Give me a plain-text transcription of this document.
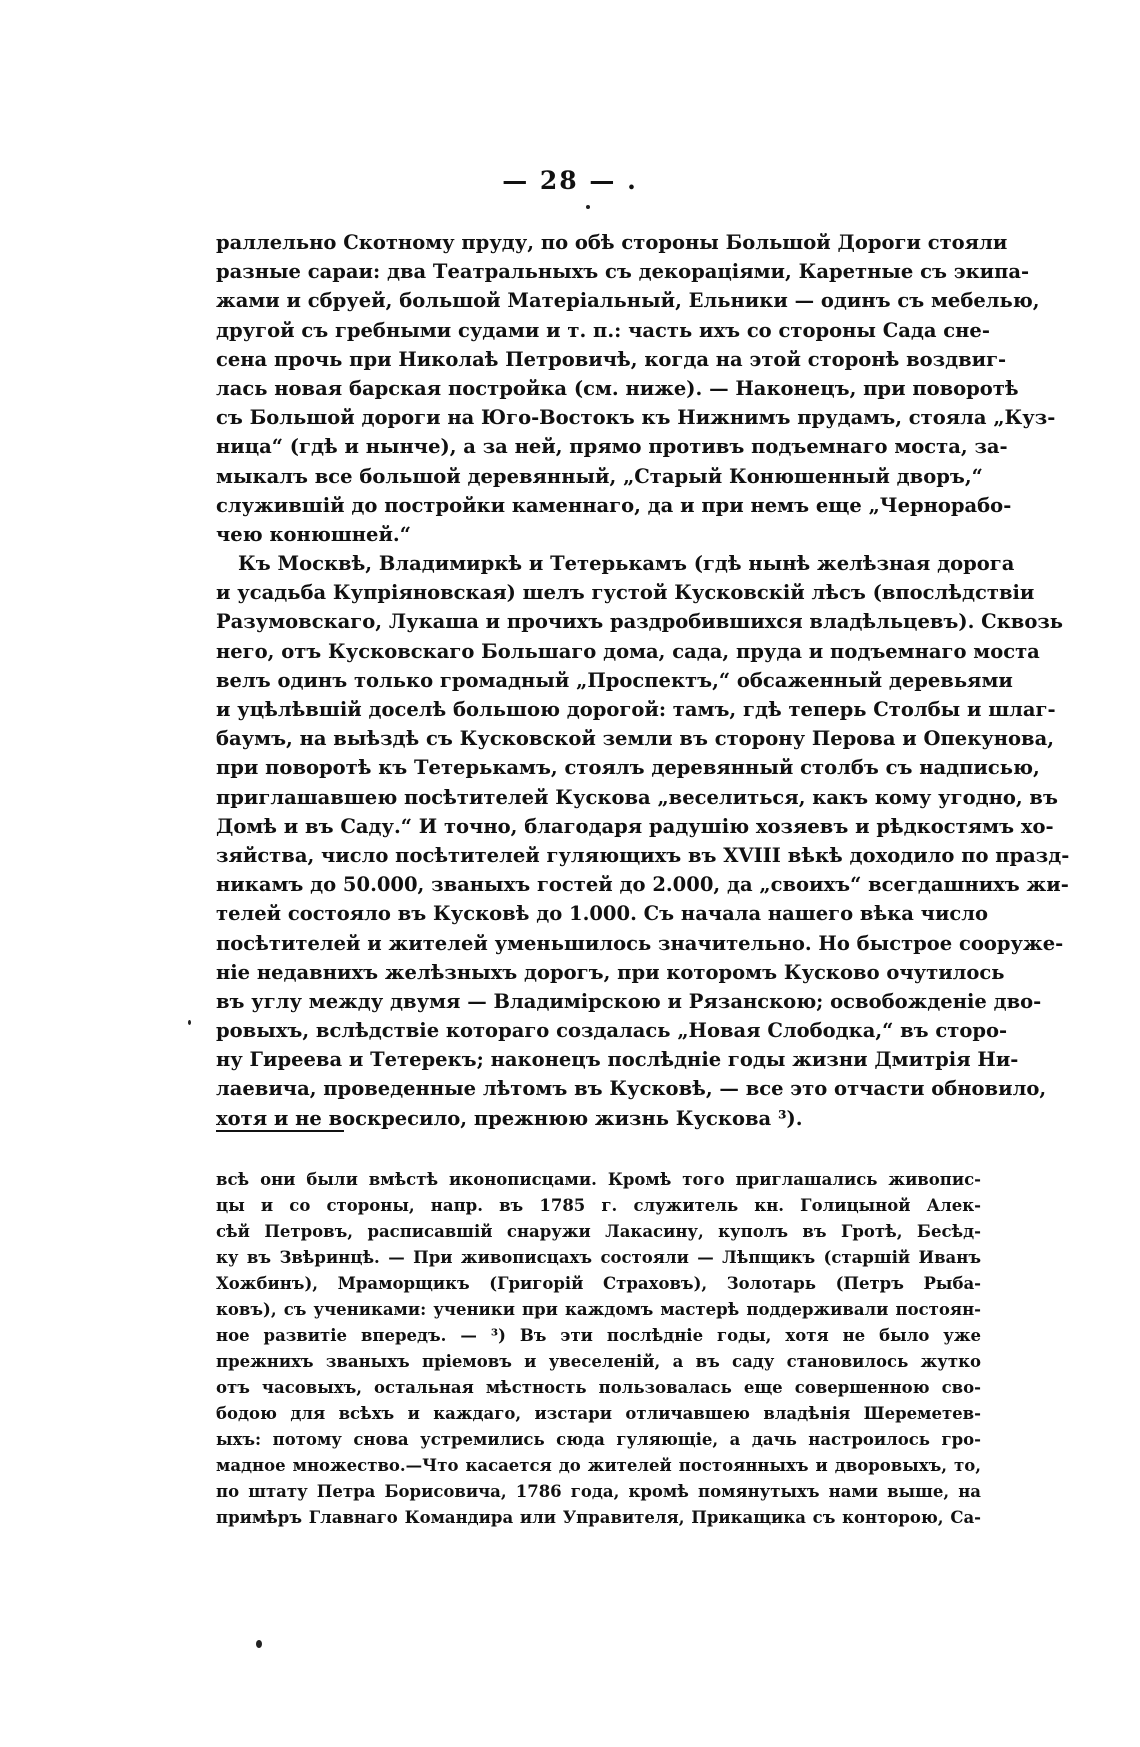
— 28 — .
раллельно Скотному пруду, по обѣ стороны Большой Дороги стояли
разные сараи: два Театральныхъ съ декораціями, Каретные съ экипа-
жами и сбруей, большой Матеріальный, Ельники — одинъ съ мебелью,
другой съ гребными судами и т. п.: часть ихъ со стороны Сада сне-
сена прочь при Николаѣ Петровичѣ, когда на этой сторонѣ воздвиг-
лась новая барская постройка (см. ниже). — Наконецъ, при поворотѣ
съ Большой дороги на Юго-Востокъ къ Нижнимъ прудамъ, стояла „Куз-
ница“ (гдѣ и нынче), а за ней, прямо противъ подъемнаго моста, за-
мыкалъ все большой деревянный, „Старый Конюшенный дворъ,“
служившій до постройки каменнаго, да и при немъ еще „Чернорабо-
чею конюшней.“
Къ Москвѣ, Владимиркѣ и Тетерькамъ (гдѣ нынѣ желѣзная дорога
и усадьба Купріяновская) шелъ густой Кусковскій лѣсъ (впослѣдствіи
Разумовскаго, Лукаша и прочихъ раздробившихся владѣльцевъ). Сквозь
него, отъ Кусковскаго Большаго дома, сада, пруда и подъемнаго моста
велъ одинъ только громадный „Проспектъ,“ обсаженный деревьями
и уцѣлѣвшій доселѣ большою дорогой: тамъ, гдѣ теперь Столбы и шлаг-
баумъ, на выѣздѣ съ Кусковской земли въ сторону Перова и Опекунова,
при поворотѣ къ Тетерькамъ, стоялъ деревянный столбъ съ надписью,
приглашавшею посѣтителей Кускова „веселиться, какъ кому угодно, въ
Домѣ и въ Саду.“ И точно, благодаря радушію хозяевъ и рѣдкостямъ хо-
зяйства, число посѣтителей гуляющихъ въ XVIII вѣкѣ доходило по празд-
никамъ до 50.000, званыхъ гостей до 2.000, да „своихъ“ всегдашнихъ жи-
телей состояло въ Кусковѣ до 1.000. Съ начала нашего вѣка число
посѣтителей и жителей уменьшилось значительно. Но быстрое сооруже-
ніе недавнихъ желѣзныхъ дорогъ, при которомъ Кусково очутилось
въ углу между двумя — Владимірскою и Рязанскою; освобожденіе дво-
ровыхъ, вслѣдствіе котораго создалась „Новая Слободка,“ въ сторо-
ну Гиреева и Тетерекъ; наконецъ послѣдніе годы жизни Дмитрія Ни-
лаевича, проведенные лѣтомъ въ Кусковѣ, — все это отчасти обновило,
хотя и не воскресило, прежнюю жизнь Кускова ³).
всѣ они были вмѣстѣ иконописцами. Кромѣ того приглашались живопис-
цы и со стороны, напр. въ 1785 г. служитель кн. Голицыной Алек-
сѣй Петровъ, расписавшій снаружи Лакасину, куполъ въ Гротѣ, Бесѣд-
ку въ Звѣринцѣ. — При живописцахъ состояли — Лѣпщикъ (старшій Иванъ
Хожбинъ), Мраморщикъ (Григорій Страховъ), Золотарь (Петръ Рыба-
ковъ), съ учениками: ученики при каждомъ мастерѣ поддерживали постоян-
ное развитіе впередъ. — ³) Въ эти послѣдніе годы, хотя не было уже
прежнихъ званыхъ пріемовъ и увеселеній, а въ саду становилось жутко
отъ часовыхъ, остальная мѣстность пользовалась еще совершенною сво-
бодою для всѣхъ и каждаго, изстари отличавшею владѣнія Шереметев-
ыхъ: потому снова устремились сюда гуляющіе, а дачь настроилось гро-
мадное множество.—Что касается до жителей постоянныхъ и дворовыхъ, то,
по штату Петра Борисовича, 1786 года, кромѣ помянутыхъ нами выше, на
примѣръ Главнаго Командира или Управителя, Прикащика съ конторою, Са-
